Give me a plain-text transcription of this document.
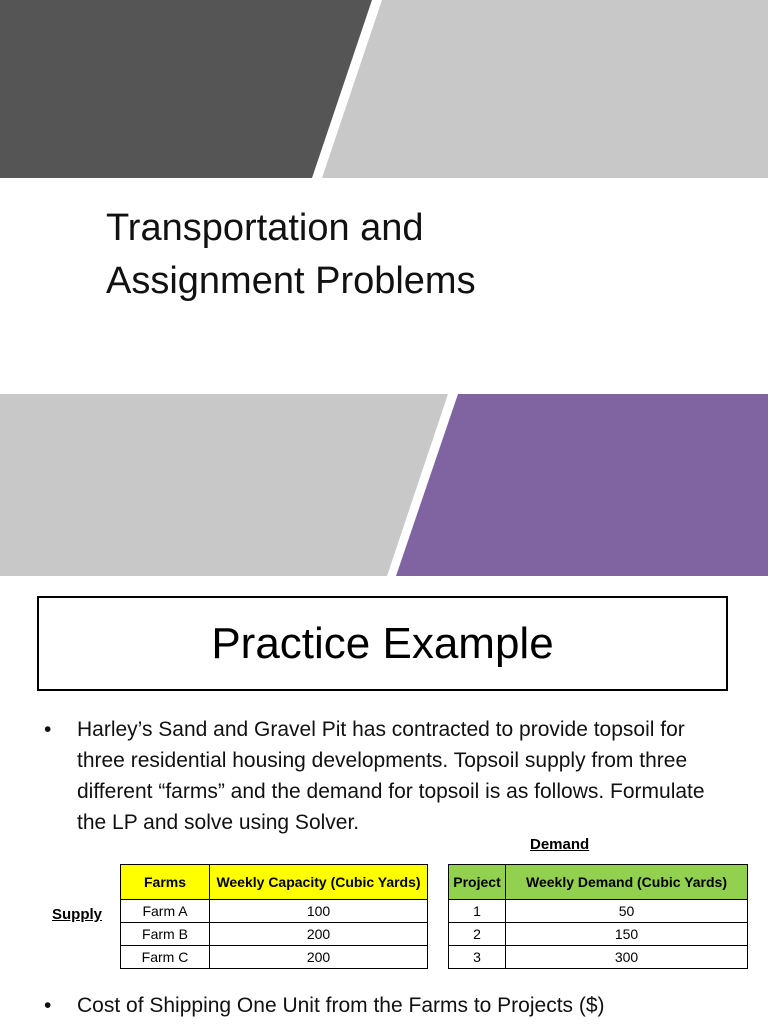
Transportation and
Assignment Problems
Practice Example
• Harley’s Sand and Gravel Pit has contracted to provide topsoil for three residential housing developments. Topsoil supply from three different “farms” and the demand for topsoil is as follows. Formulate the LP and solve using Solver.
Demand
Supply
Farms	Weekly Capacity (Cubic Yards)
Farm A	100
Farm B	200
Farm C	200
Project	Weekly Demand (Cubic Yards)
1	50
2	150
3	300
• Cost of Shipping One Unit from the Farms to Projects ($)
